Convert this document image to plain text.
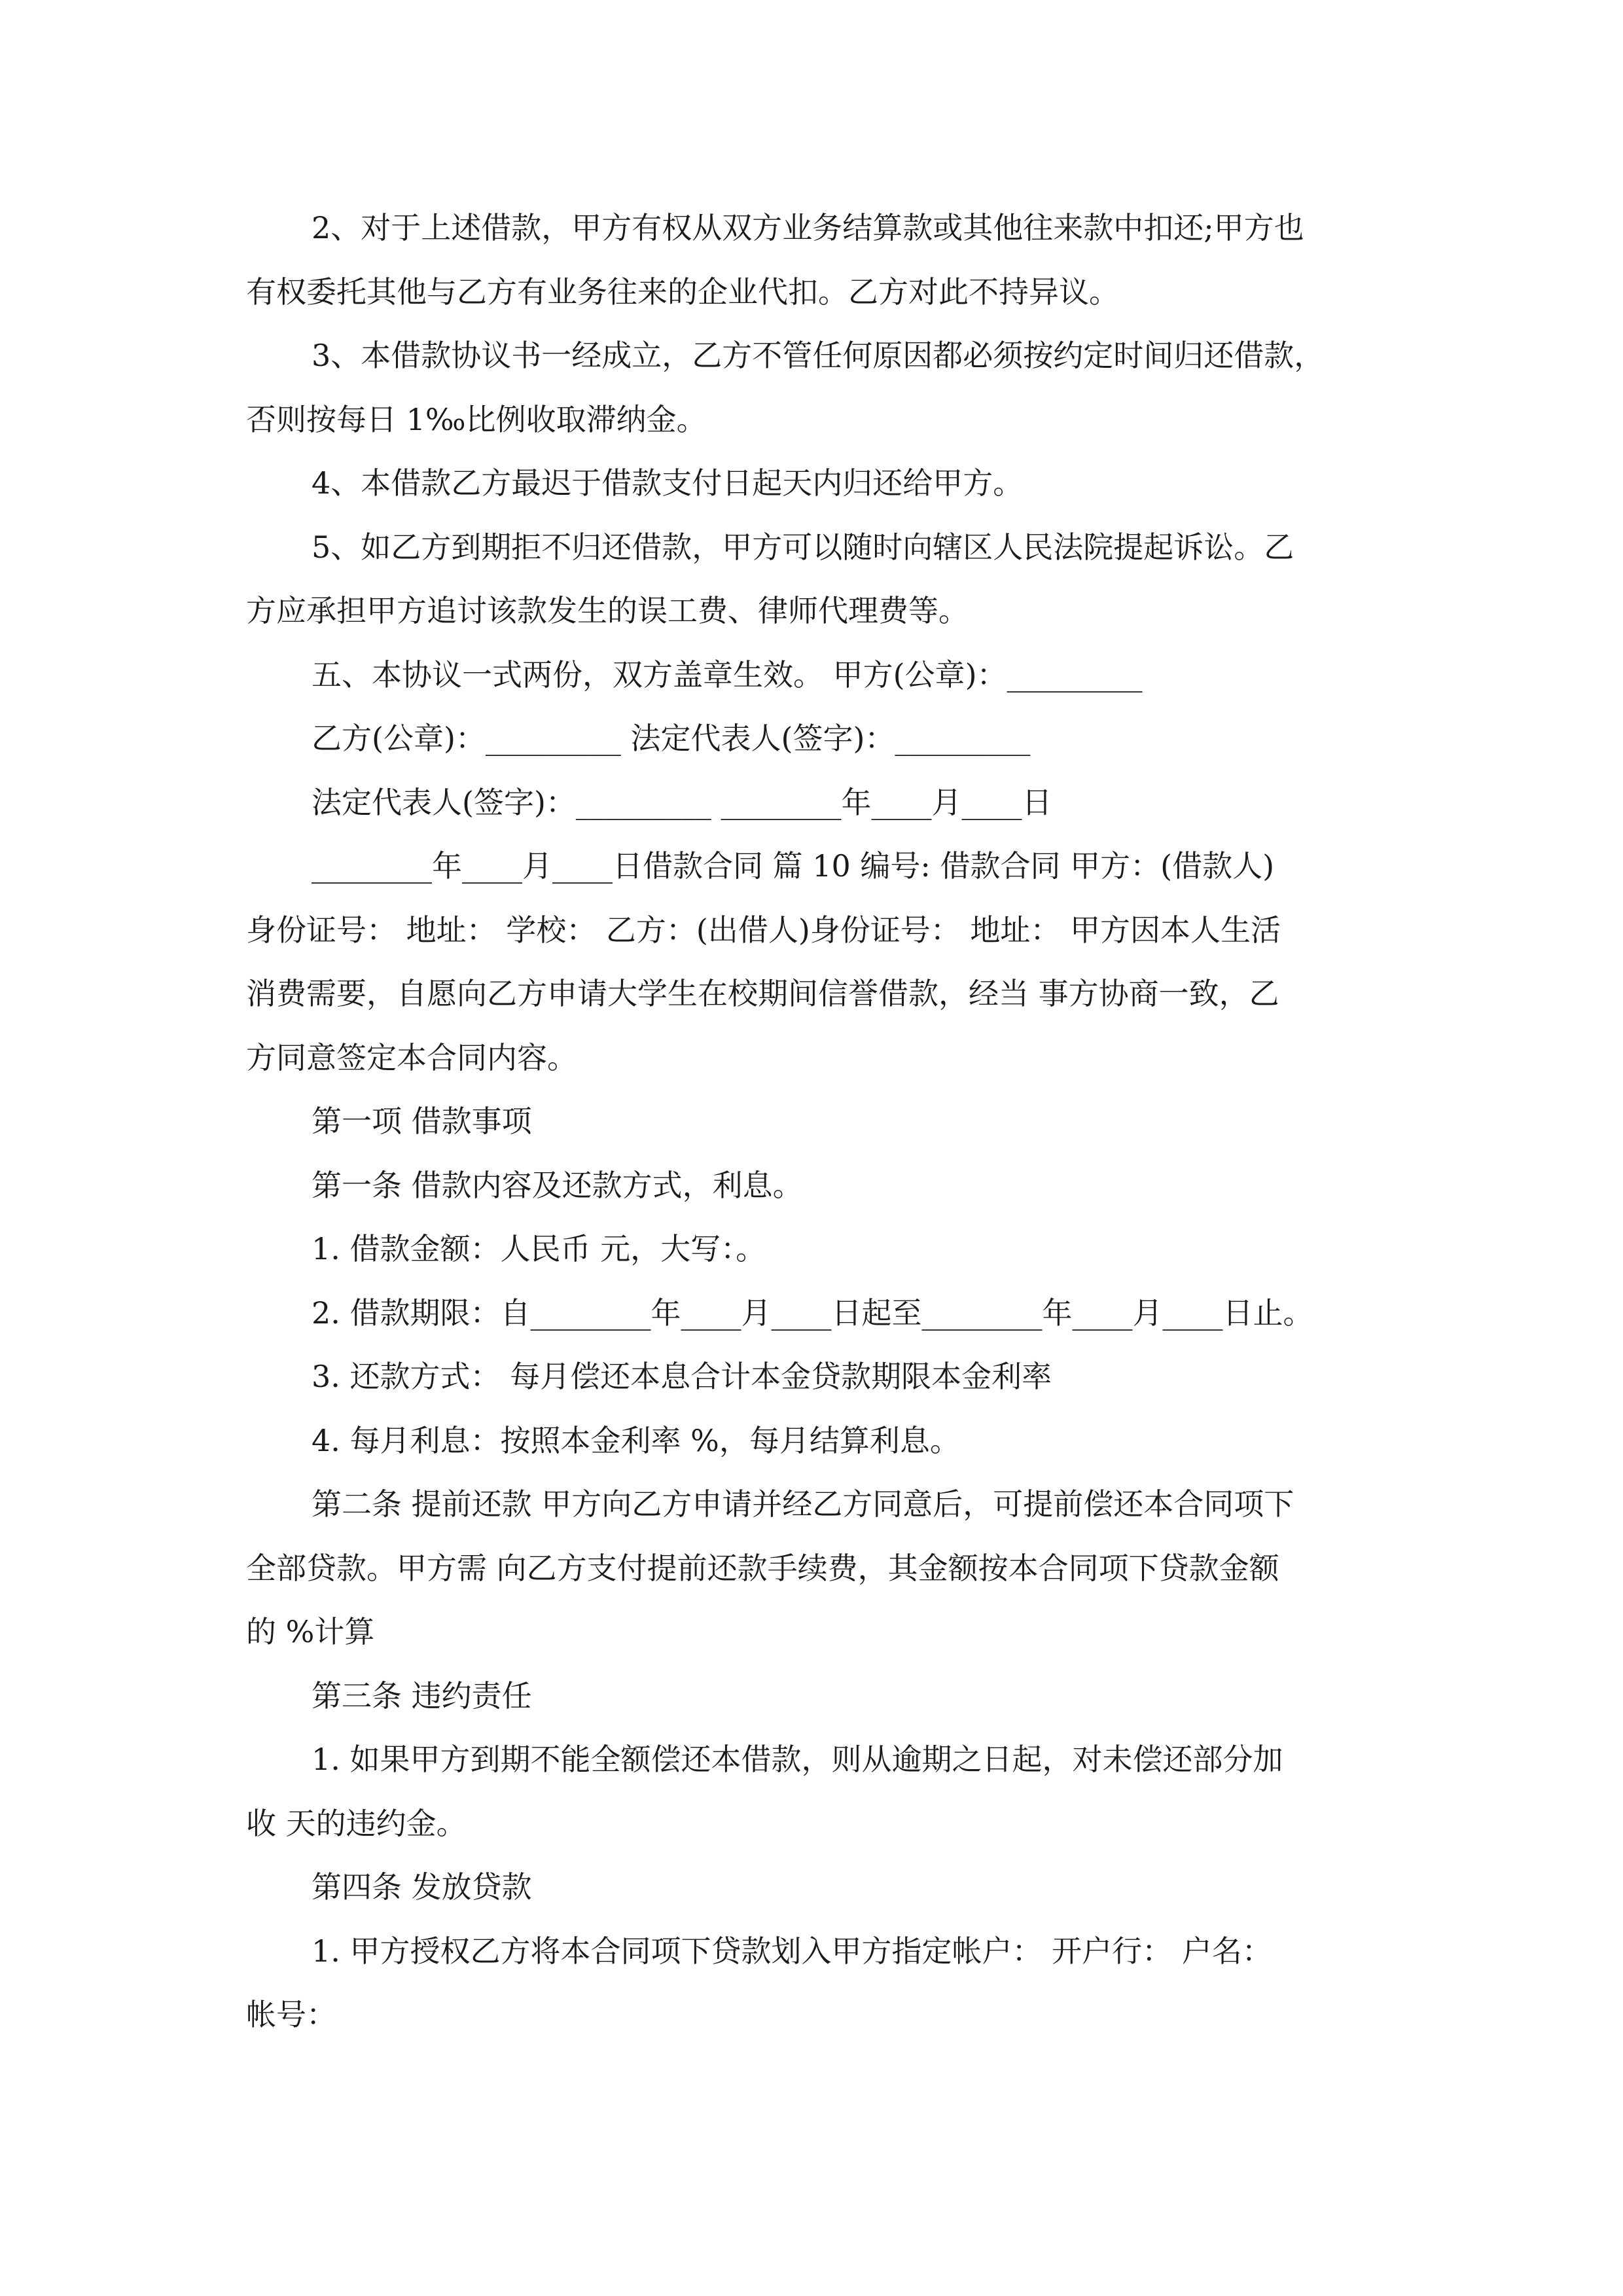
2、对于上述借款，甲方有权从双方业务结算款或其他往来款中扣还;甲方也
有权委托其他与乙方有业务往来的企业代扣。乙方对此不持异议。
3、本借款协议书一经成立，乙方不管任何原因都必须按约定时间归还借款，
否则按每日 1‰比例收取滞纳金。
4、本借款乙方最迟于借款支付日起天内归还给甲方。
5、如乙方到期拒不归还借款，甲方可以随时向辖区人民法院提起诉讼。乙
方应承担甲方追讨该款发生的误工费、律师代理费等。
五、本协议一式两份，双方盖章生效。 甲方(公章)：_________
乙方(公章)：_________ 法定代表人(签字)：_________
法定代表人(签字)：_________ ________年____月____日
________年____月____日借款合同 篇 10 编号: 借款合同 甲方：(借款人)
身份证号： 地址： 学校： 乙方：(出借人)身份证号： 地址： 甲方因本人生活
消费需要，自愿向乙方申请大学生在校期间信誉借款，经当 事方协商一致，乙
方同意签定本合同内容。
第一项 借款事项
第一条 借款内容及还款方式，利息。
1. 借款金额：人民币 元，大写：。
2. 借款期限：自________年____月____日起至________年____月____日止。
3. 还款方式： 每月偿还本息合计本金贷款期限本金利率
4. 每月利息：按照本金利率 %，每月结算利息。
第二条 提前还款 甲方向乙方申请并经乙方同意后，可提前偿还本合同项下
全部贷款。甲方需 向乙方支付提前还款手续费，其金额按本合同项下贷款金额
的 %计算
第三条 违约责任
1. 如果甲方到期不能全额偿还本借款，则从逾期之日起，对未偿还部分加
收 天的违约金。
第四条 发放贷款
1. 甲方授权乙方将本合同项下贷款划入甲方指定帐户： 开户行： 户名：
帐号：
